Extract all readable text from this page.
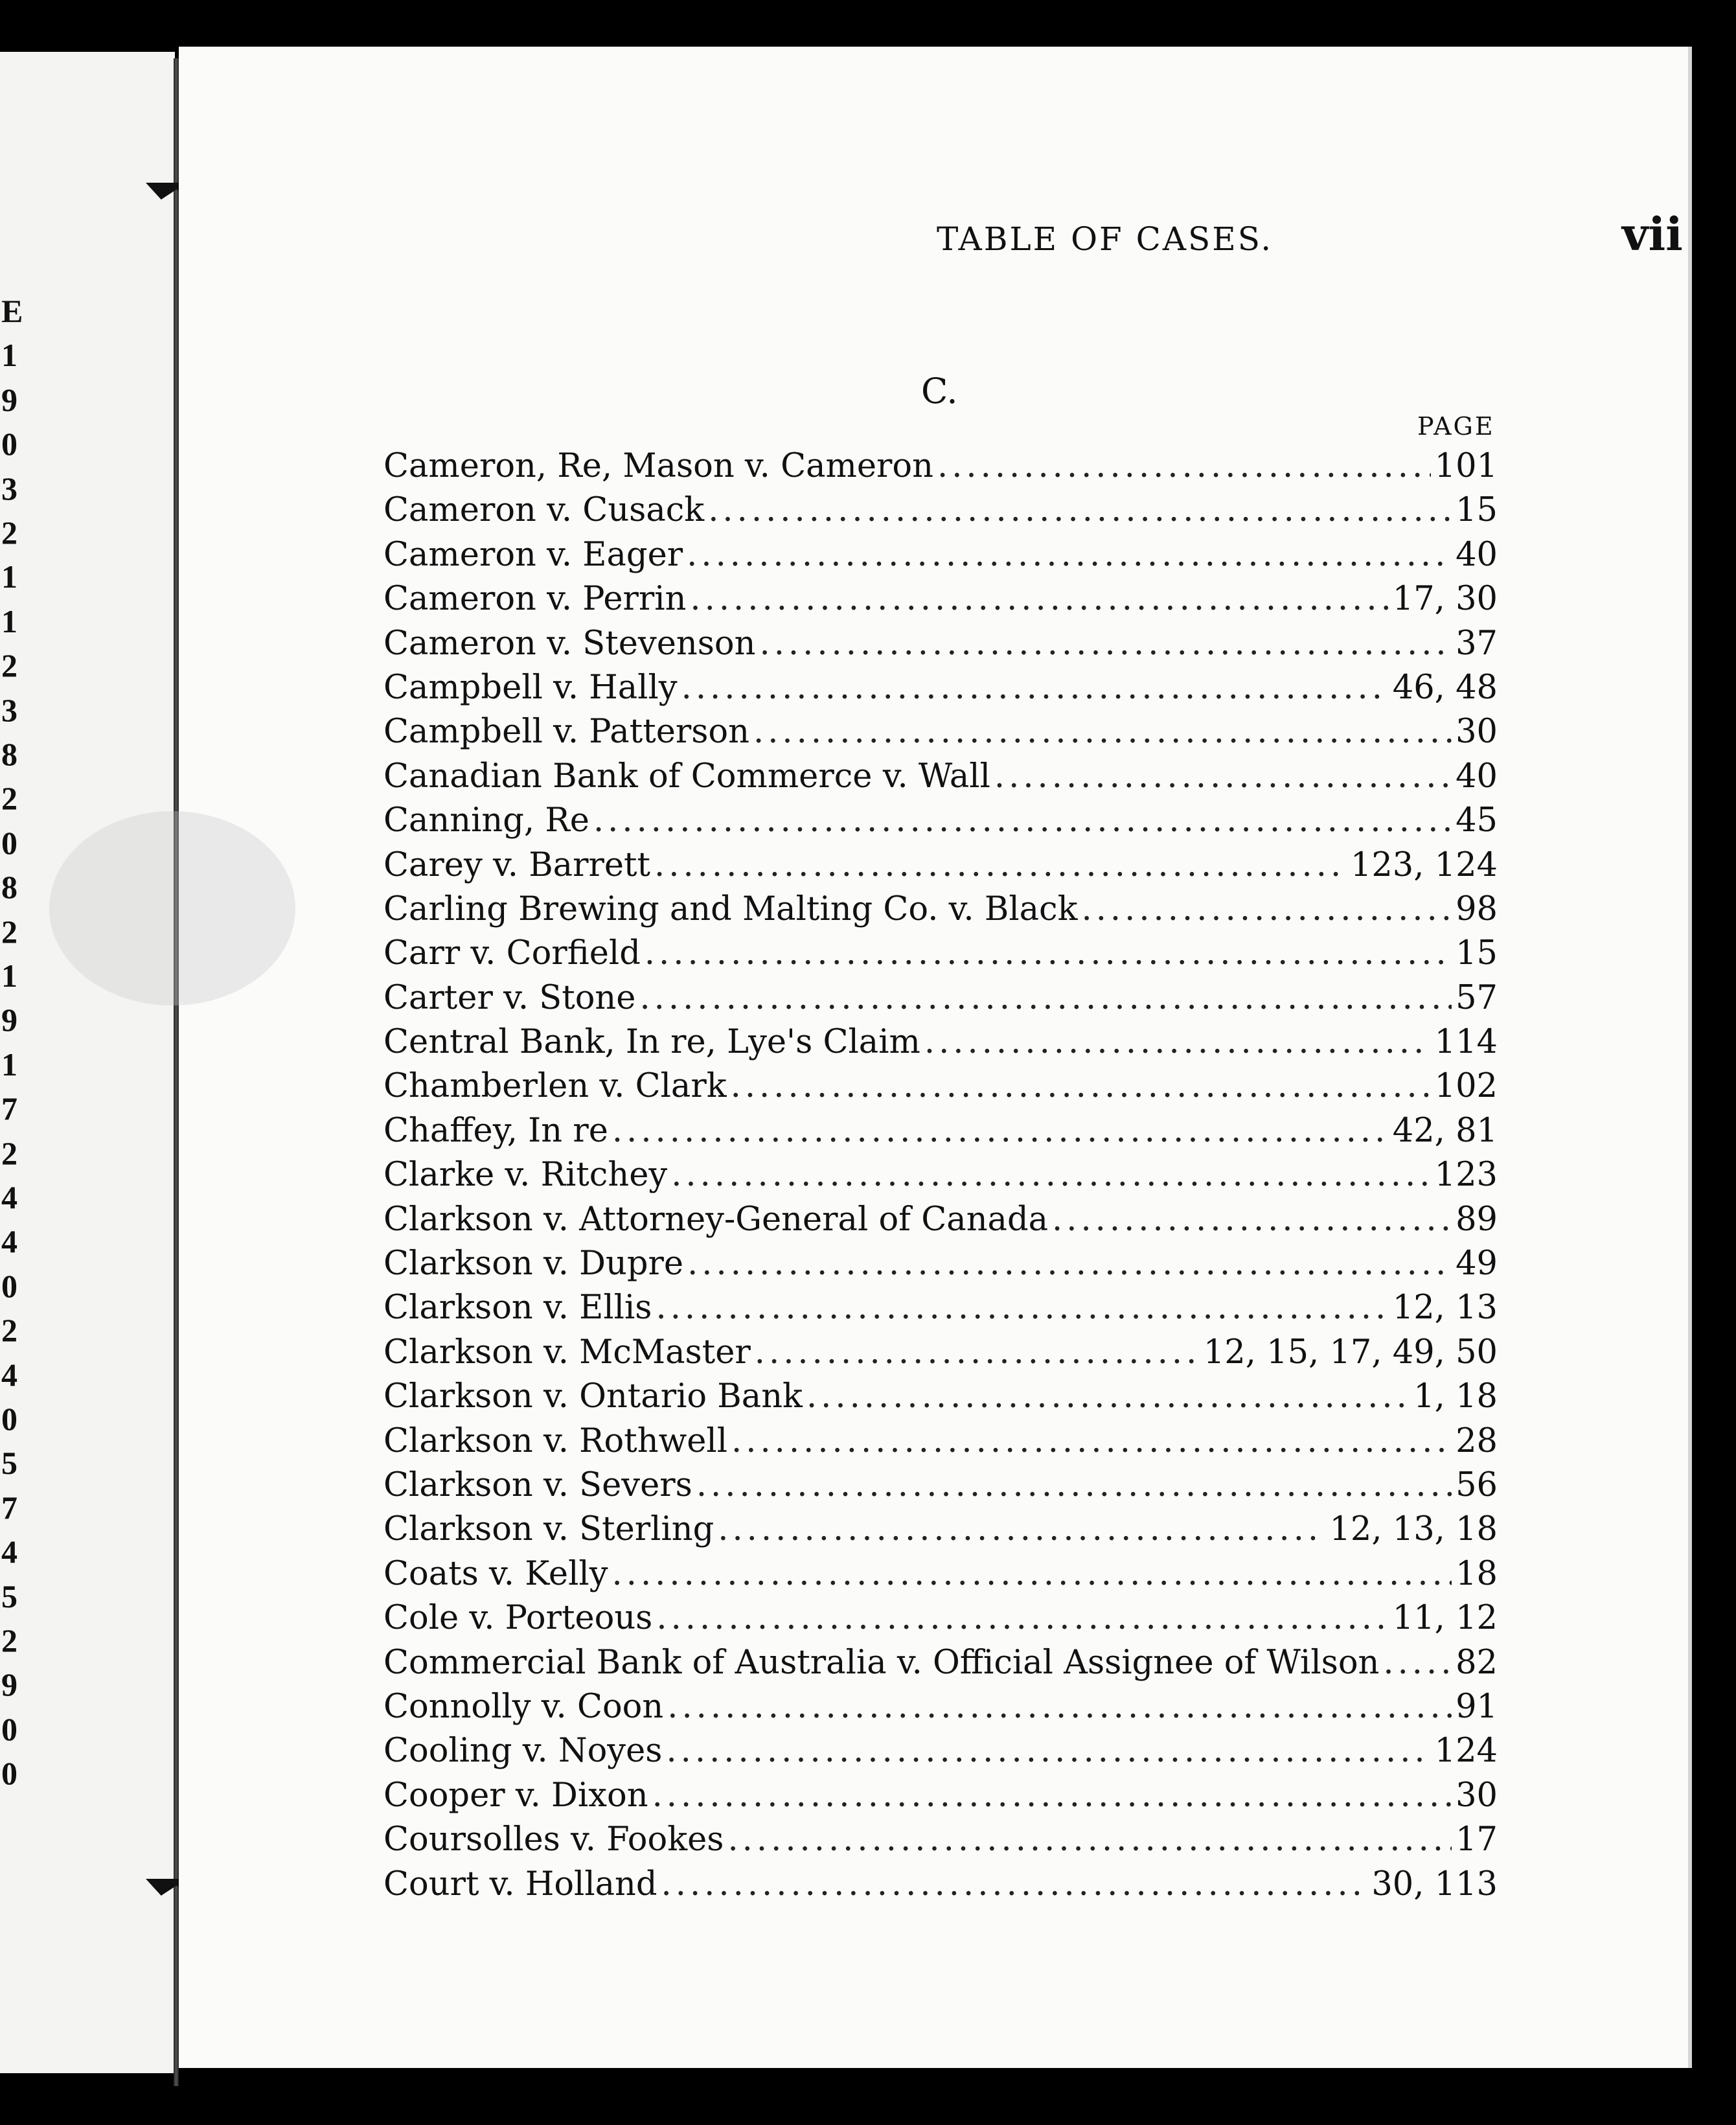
E
1
9
0
3
2
1
1
2
3
8
2
0
8
2
1
9
1
7
2
4
4
0
2
4
0
5
7
4
5
2
9
0
0
TABLE OF CASES.	vii
C.
PAGE
Cameron, Re, Mason v. Cameron .....	101
Cameron v. Cusack .....	15
Cameron v. Eager .....	40
Cameron v. Perrin .....	17, 30
Cameron v. Stevenson .....	37
Campbell v. Hally .....	46, 48
Campbell v. Patterson .....	30
Canadian Bank of Commerce v. Wall .....	40
Canning, Re .....	45
Carey v. Barrett .....	123, 124
Carling Brewing and Malting Co. v. Black .....	98
Carr v. Corfield .....	15
Carter v. Stone .....	57
Central Bank, In re, Lye's Claim .....	114
Chamberlen v. Clark .....	102
Chaffey, In re .....	42, 81
Clarke v. Ritchey .....	123
Clarkson v. Attorney-General of Canada .....	89
Clarkson v. Dupre .....	49
Clarkson v. Ellis .....	12, 13
Clarkson v. McMaster .....	12, 15, 17, 49, 50
Clarkson v. Ontario Bank .....	1, 18
Clarkson v. Rothwell .....	28
Clarkson v. Severs .....	56
Clarkson v. Sterling .....	12, 13, 18
Coats v. Kelly .....	18
Cole v. Porteous .....	11, 12
Commercial Bank of Australia v. Official Assignee of Wilson ..... 82
Connolly v. Coon .....	91
Cooling v. Noyes .....	124
Cooper v. Dixon .....	30
Coursolles v. Fookes .....	17
Court v. Holland .....	30, 113
